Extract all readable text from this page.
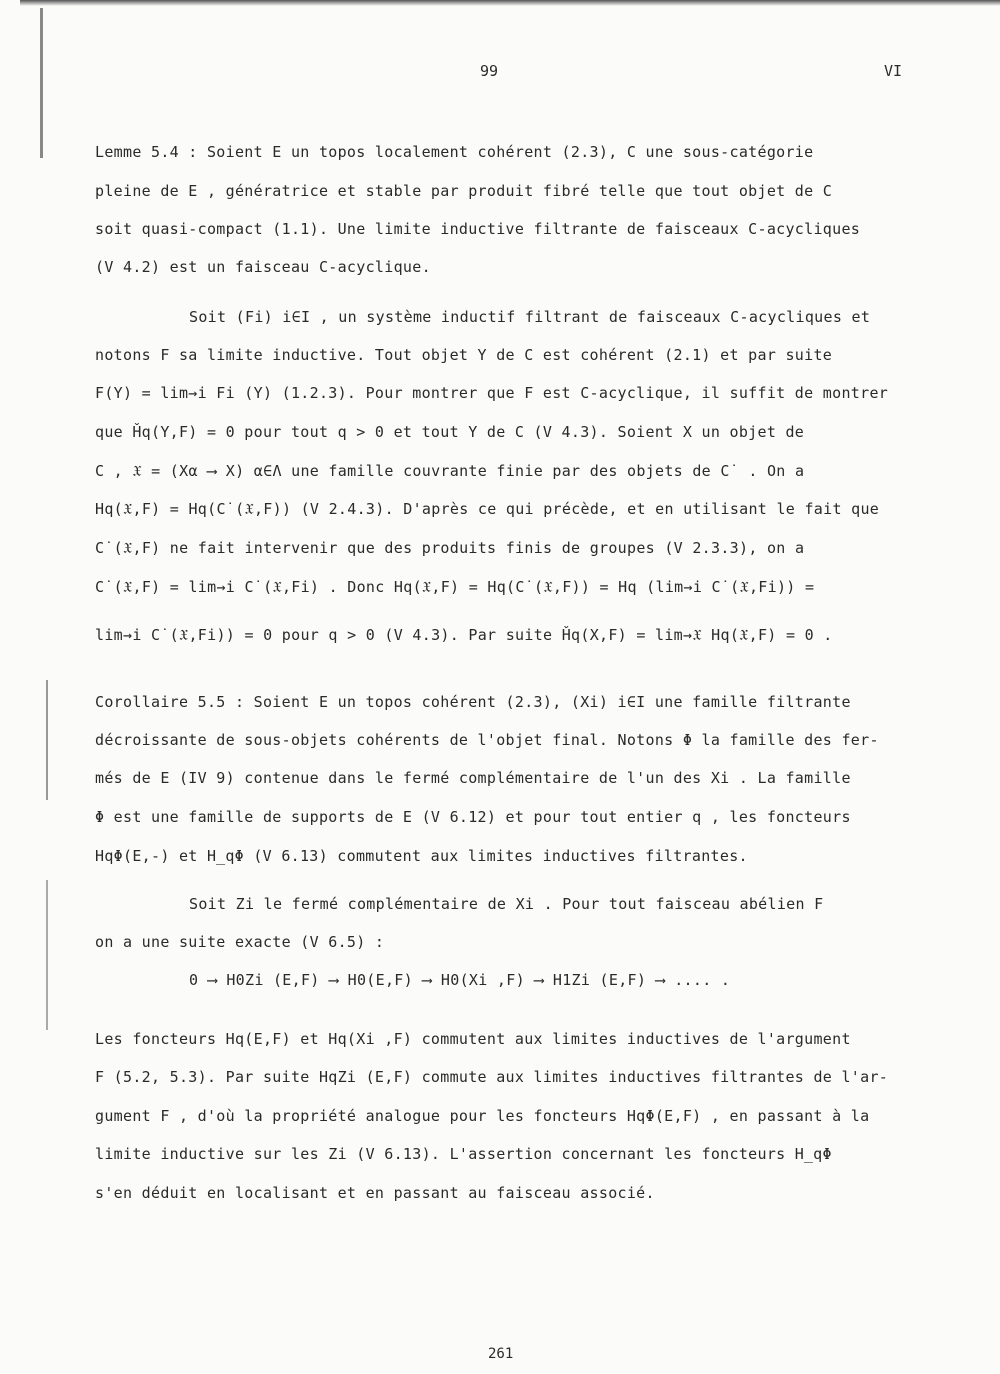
99	VI
Lemme 5.4 : Soient E un topos localement cohérent (2.3), C une sous-catégorie
pleine de E , génératrice et stable par produit fibré telle que tout objet de C
soit quasi-compact (1.1). Une limite inductive filtrante de faisceaux C-acycliques
(V 4.2) est un faisceau C-acyclique.
Soit (Fi) i∈I , un système inductif filtrant de faisceaux C-acycliques et
notons F sa limite inductive. Tout objet Y de C est cohérent (2.1) et par suite
F(Y) = lim→i Fi (Y) (1.2.3). Pour montrer que F est C-acyclique, il suffit de montrer
que Ȟq(Y,F) = 0 pour tout q > 0 et tout Y de C (V 4.3). Soient X un objet de
C , 𝔛 = (Xα ⟶ X) α∈Λ une famille couvrante finie par des objets de C˙ . On a
Hq(𝔛,F) = Hq(C˙(𝔛,F)) (V 2.4.3). D'après ce qui précède, et en utilisant le fait que
C˙(𝔛,F) ne fait intervenir que des produits finis de groupes (V 2.3.3), on a
C˙(𝔛,F) = lim→i C˙(𝔛,Fi) . Donc Hq(𝔛,F) = Hq(C˙(𝔛,F)) = Hq (lim→i C˙(𝔛,Fi)) =
lim→i C˙(𝔛,Fi)) = 0 pour q > 0 (V 4.3). Par suite Ȟq(X,F) = lim→𝔛 Hq(𝔛,F) = 0 .
Corollaire 5.5 : Soient E un topos cohérent (2.3), (Xi) i∈I une famille filtrante
décroissante de sous-objets cohérents de l'objet final. Notons Φ la famille des fer-
més de E (IV 9) contenue dans le fermé complémentaire de l'un des Xi . La famille
Φ est une famille de supports de E (V 6.12) et pour tout entier q , les foncteurs
HqΦ(E,-) et H̲qΦ (V 6.13) commutent aux limites inductives filtrantes.
Soit Zi le fermé complémentaire de Xi . Pour tout faisceau abélien F
on a une suite exacte (V 6.5) :
0 ⟶ H0Zi (E,F) ⟶ H0(E,F) ⟶ H0(Xi ,F) ⟶ H1Zi (E,F) ⟶ .... .
Les foncteurs Hq(E,F) et Hq(Xi ,F) commutent aux limites inductives de l'argument
F (5.2, 5.3). Par suite HqZi (E,F) commute aux limites inductives filtrantes de l'ar-
gument F , d'où la propriété analogue pour les foncteurs HqΦ(E,F) , en passant à la
limite inductive sur les Zi (V 6.13). L'assertion concernant les foncteurs H̲qΦ
s'en déduit en localisant et en passant au faisceau associé.
261
